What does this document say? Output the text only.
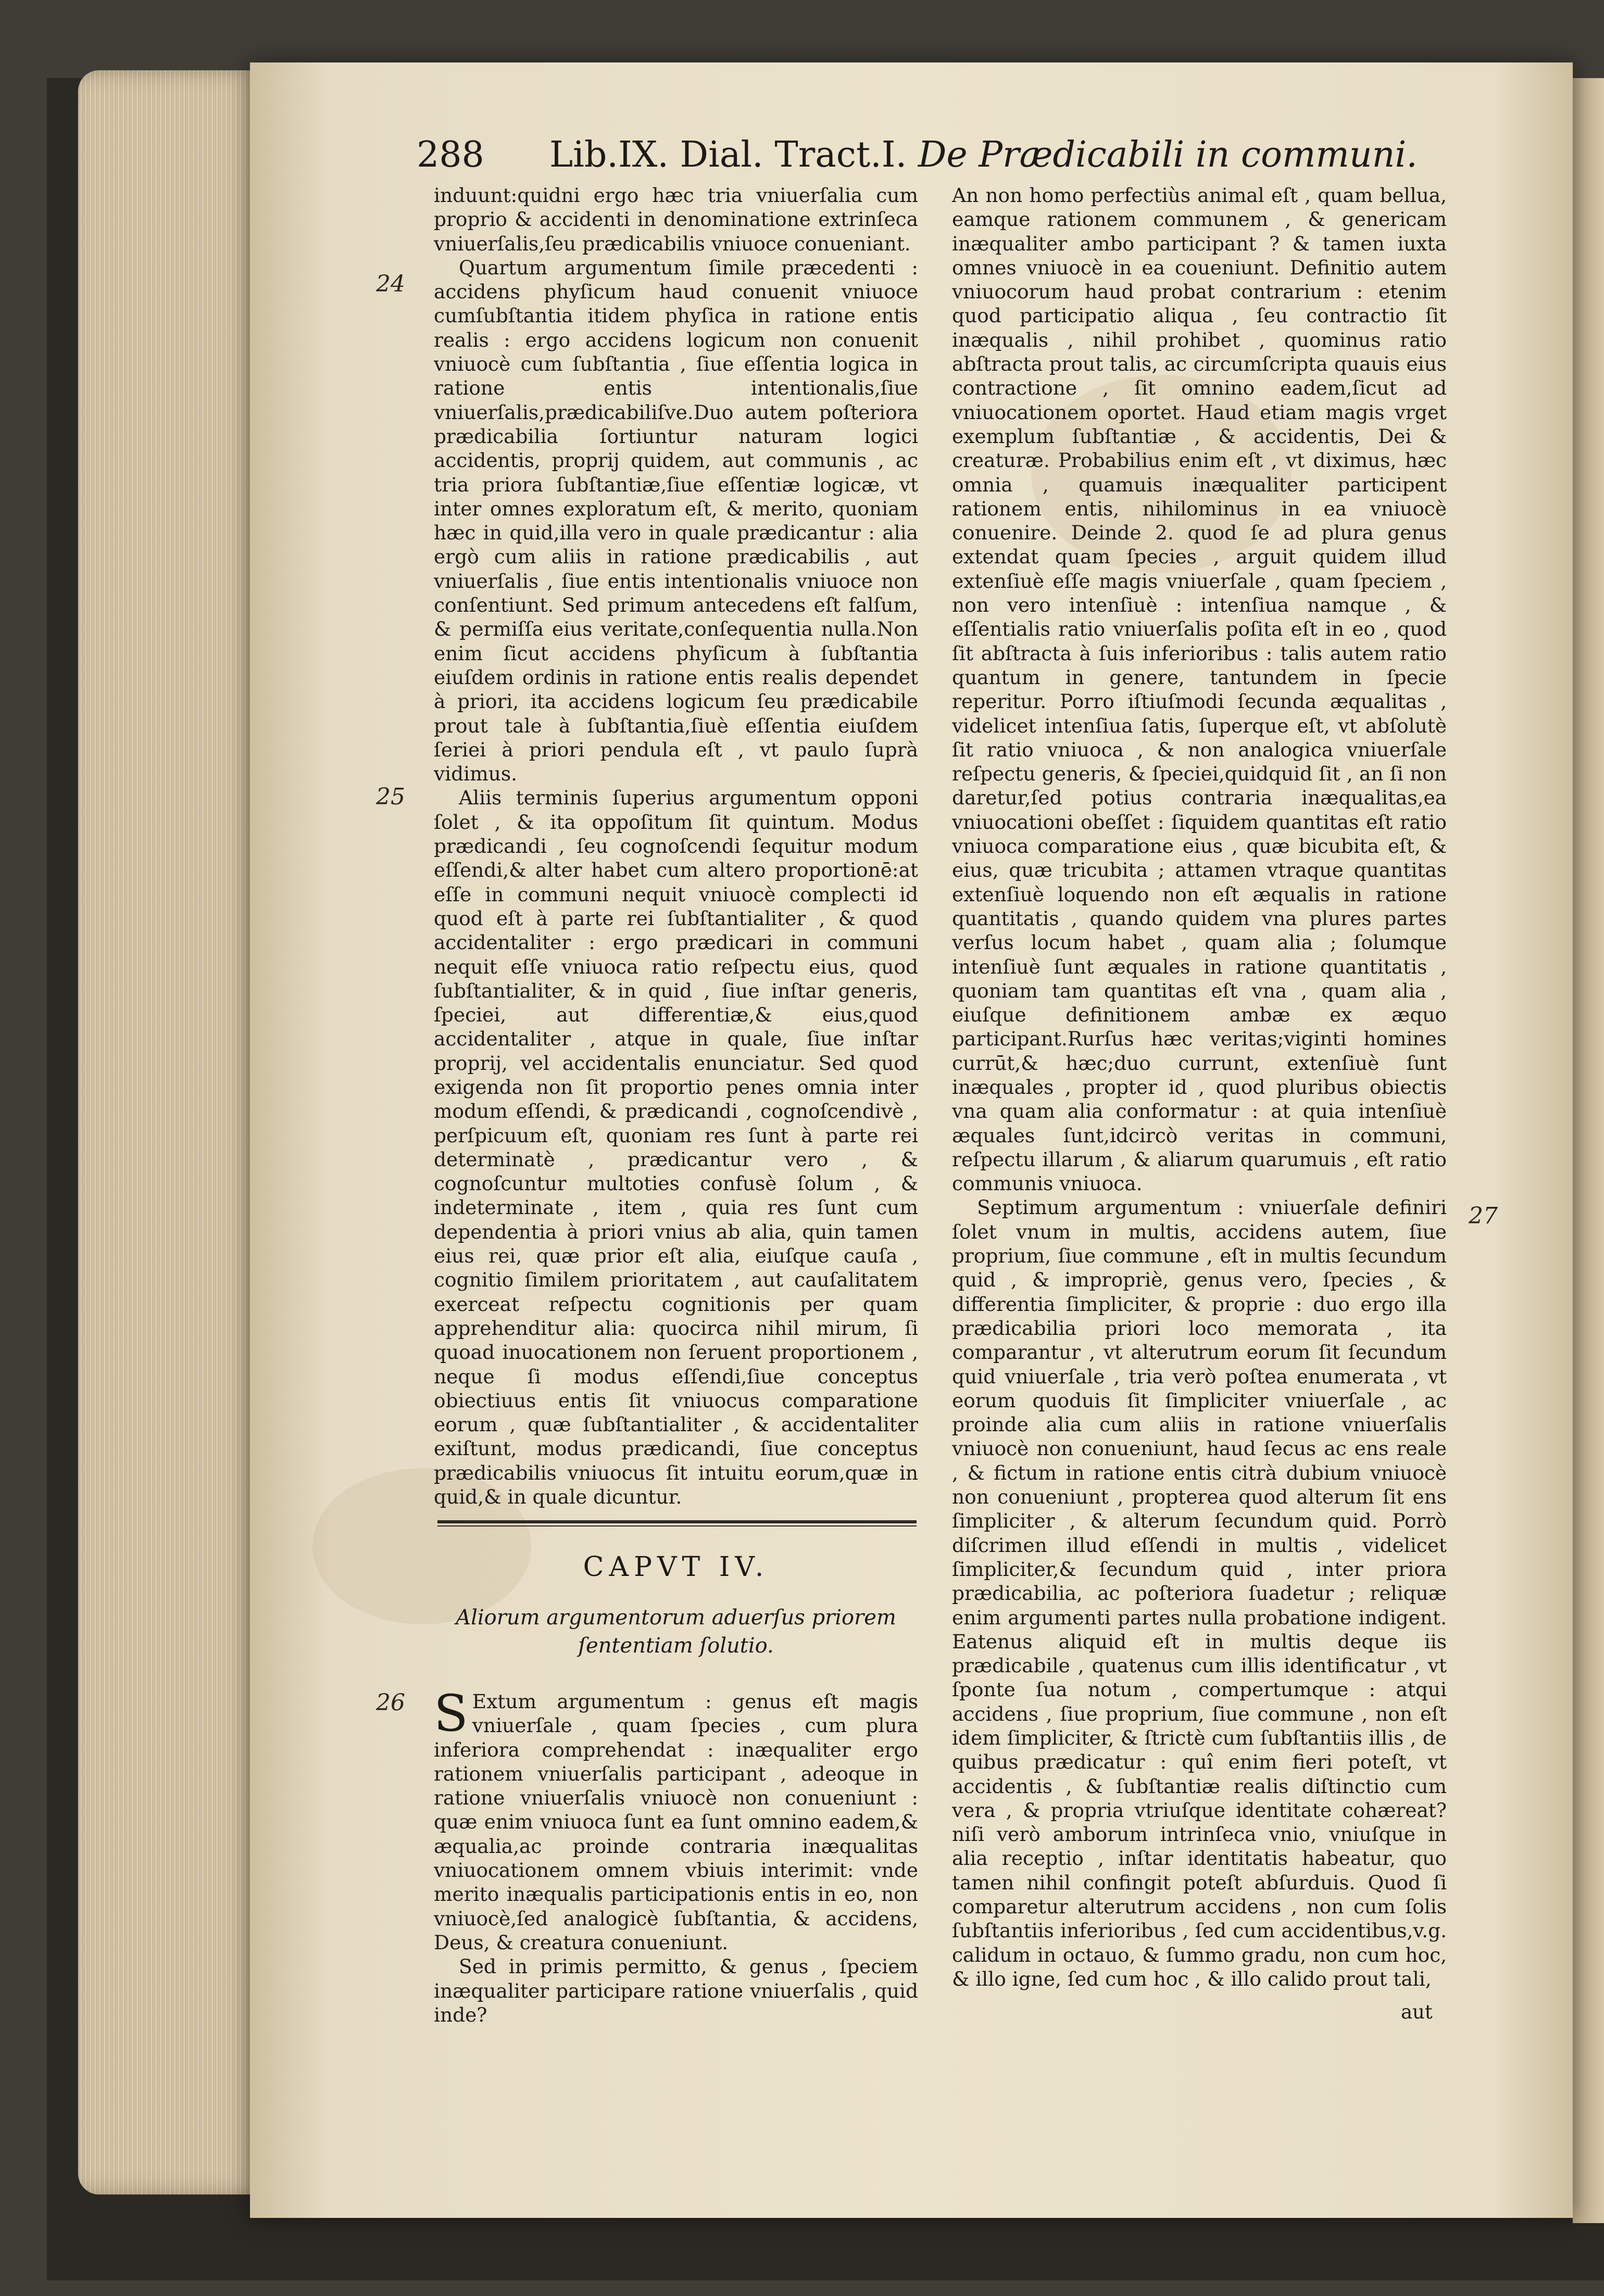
288 Lib.IX. Dial. Tract.I. De Prædicabili in communi.
24
25
26
27

induunt:quidni ergo hæc tria vniuerſalia cum proprio & accidenti in denominatione extrinſeca vniuerſalis,ſeu prædicabilis vniuoce conueniant.

Quartum argumentum ſimile præcedenti : accidens phyſicum haud conuenit vniuoce cumſubſtantia itidem phyſica in ratione entis realis : ergo accidens logicum non conuenit vniuocè cum ſubſtantia , ſiue eſſentia logica in ratione entis intentionalis,ſiue vniuerſalis,prædicabiliſve.Duo autem poſteriora prædicabilia ſortiuntur naturam logici accidentis, proprij quidem, aut communis , ac tria priora ſubſtantiæ,ſiue eſſentiæ logicæ, vt inter omnes exploratum eſt, & merito, quoniam hæc in quid,illa vero in quale prædicantur : alia ergò cum aliis in ratione prædicabilis , aut vniuerſalis , ſiue entis intentionalis vniuoce non conſentiunt. Sed primum antecedens eſt falſum, & permiſſa eius veritate,conſequentia nulla.Non enim ſicut accidens phyſicum à ſubſtantia eiuſdem ordinis in ratione entis realis dependet à priori, ita accidens logicum ſeu prædicabile prout tale à ſubſtantia,ſiuè eſſentia eiuſdem ſeriei à priori pendula eſt , vt paulo ſuprà vidimus.

Aliis terminis ſuperius argumentum opponi ſolet , & ita oppoſitum ſit quintum. Modus prædicandi , ſeu cognoſcendi ſequitur modum eſſendi,& alter habet cum altero proportionē:at eſſe in communi nequit vniuocè complecti id quod eſt à parte rei ſubſtantialiter , & quod accidentaliter : ergo prædicari in communi nequit eſſe vniuoca ratio reſpectu eius, quod ſubſtantialiter, & in quid , ſiue inſtar generis, ſpeciei, aut differentiæ,& eius,quod accidentaliter , atque in quale, ſiue inſtar proprij, vel accidentalis enunciatur. Sed quod exigenda non ſit proportio penes omnia inter modum eſſendi, & prædicandi , cognoſcendivè , perſpicuum eſt, quoniam res ſunt à parte rei determinatè , prædicantur vero , & cognoſcuntur multoties confusè ſolum , & indeterminate , item , quia res ſunt cum dependentia à priori vnius ab alia, quin tamen eius rei, quæ prior eſt alia, eiuſque cauſa , cognitio ſimilem prioritatem , aut cauſalitatem exerceat reſpectu cognitionis per quam apprehenditur alia: quocirca nihil mirum, ſi quoad inuocationem non ſeruent proportionem , neque ſi modus eſſendi,ſiue conceptus obiectiuus entis ſit vniuocus comparatione eorum , quæ ſubſtantialiter , & accidentaliter exiſtunt, modus prædicandi, ſiue conceptus prædicabilis vniuocus ſit intuitu eorum,quæ in quid,& in quale dicuntur.

CAPVT IV.
Aliorum argumentorum aduerſus priorem ſententiam ſolutio.

S Extum argumentum : genus eſt magis vniuerſale , quam ſpecies , cum plura inferiora comprehendat : inæqualiter ergo rationem vniuerſalis participant , adeoque in ratione vniuerſalis vniuocè non conueniunt : quæ enim vniuoca ſunt ea ſunt omnino eadem,& æqualia,ac proinde contraria inæqualitas vniuocationem omnem vbiuis interimit: vnde merito inæqualis participationis entis in eo, non vniuocè,ſed analogicè ſubſtantia, & accidens, Deus, & creatura conueniunt.

Sed in primis permitto, & genus , ſpeciem inæqualiter participare ratione vniuerſalis , quid inde?

An non homo perfectiùs animal eſt , quam bellua, eamque rationem communem , & genericam inæqualiter ambo participant ? & tamen iuxta omnes vniuocè in ea coueniunt. Definitio autem vniuocorum haud probat contrarium : etenim quod participatio aliqua , ſeu contractio ſit inæqualis , nihil prohibet , quominus ratio abſtracta prout talis, ac circumſcripta quauis eius contractione , ſit omnino eadem,ſicut ad vniuocationem oportet. Haud etiam magis vrget exemplum ſubſtantiæ , & accidentis, Dei & creaturæ. Probabilius enim eſt , vt diximus, hæc omnia , quamuis inæqualiter participent rationem entis, nihilominus in ea vniuocè conuenire. Deinde 2. quod ſe ad plura genus extendat quam ſpecies , arguit quidem illud extenſiuè eſſe magis vniuerſale , quam ſpeciem , non vero intenſiuè : intenſiua namque , & eſſentialis ratio vniuerſalis poſita eſt in eo , quod ſit abſtracta à ſuis inferioribus : talis autem ratio quantum in genere, tantundem in ſpecie reperitur. Porro iſtiuſmodi ſecunda æqualitas , videlicet intenſiua ſatis, ſuperque eſt, vt abſolutè ſit ratio vniuoca , & non analogica vniuerſale reſpectu generis, & ſpeciei,quidquid ſit , an ſi non daretur,ſed potius contraria inæqualitas,ea vniuocationi obeſſet : ſiquidem quantitas eſt ratio vniuoca comparatione eius , quæ bicubita eſt, & eius, quæ tricubita ; attamen vtraque quantitas extenſiuè loquendo non eſt æqualis in ratione quantitatis , quando quidem vna plures partes verſus locum habet , quam alia ; ſolumque intenſiuè ſunt æquales in ratione quantitatis , quoniam tam quantitas eſt vna , quam alia , eiuſque definitionem ambæ ex æquo participant.Rurſus hæc veritas;viginti homines currūt,& hæc;duo currunt, extenſiuè ſunt inæquales , propter id , quod pluribus obiectis vna quam alia conformatur : at quia intenſiuè æquales ſunt,idcircò veritas in communi, reſpectu illarum , & aliarum quarumuis , eſt ratio communis vniuoca.

Septimum argumentum : vniuerſale definiri ſolet vnum in multis, accidens autem, ſiue proprium, ſiue commune , eſt in multis ſecundum quid , & impropriè, genus vero, ſpecies , & differentia ſimpliciter, & proprie : duo ergo illa prædicabilia priori loco memorata , ita comparantur , vt alterutrum eorum ſit ſecundum quid vniuerſale , tria verò poſtea enumerata , vt eorum quoduis ſit ſimpliciter vniuerſale , ac proinde alia cum aliis in ratione vniuerſalis vniuocè non conueniunt, haud ſecus ac ens reale , & fictum in ratione entis citrà dubium vniuocè non conueniunt , propterea quod alterum ſit ens ſimpliciter , & alterum ſecundum quid. Porrò diſcrimen illud eſſendi in multis , videlicet ſimpliciter,& ſecundum quid , inter priora prædicabilia, ac poſteriora ſuadetur ; reliquæ enim argumenti partes nulla probatione indigent. Eatenus aliquid eſt in multis deque iis prædicabile , quatenus cum illis identificatur , vt ſponte ſua notum , compertumque : atqui accidens , ſiue proprium, ſiue commune , non eſt idem ſimpliciter, & ſtrictè cum ſubſtantiis illis , de quibus prædicatur : quî enim fieri poteſt, vt accidentis , & ſubſtantiæ realis diſtinctio cum vera , & propria vtriuſque identitate cohæreat? niſi verò amborum intrinſeca vnio, vniuſque in alia receptio , inſtar identitatis habeatur, quo tamen nihil confingit poteſt abſurduis. Quod ſi comparetur alterutrum accidens , non cum ſolis ſubſtantiis inferioribus , ſed cum accidentibus,v.g. calidum in octauo, & ſummo gradu, non cum hoc, & illo igne, ſed cum hoc , & illo calido prout tali,

aut
